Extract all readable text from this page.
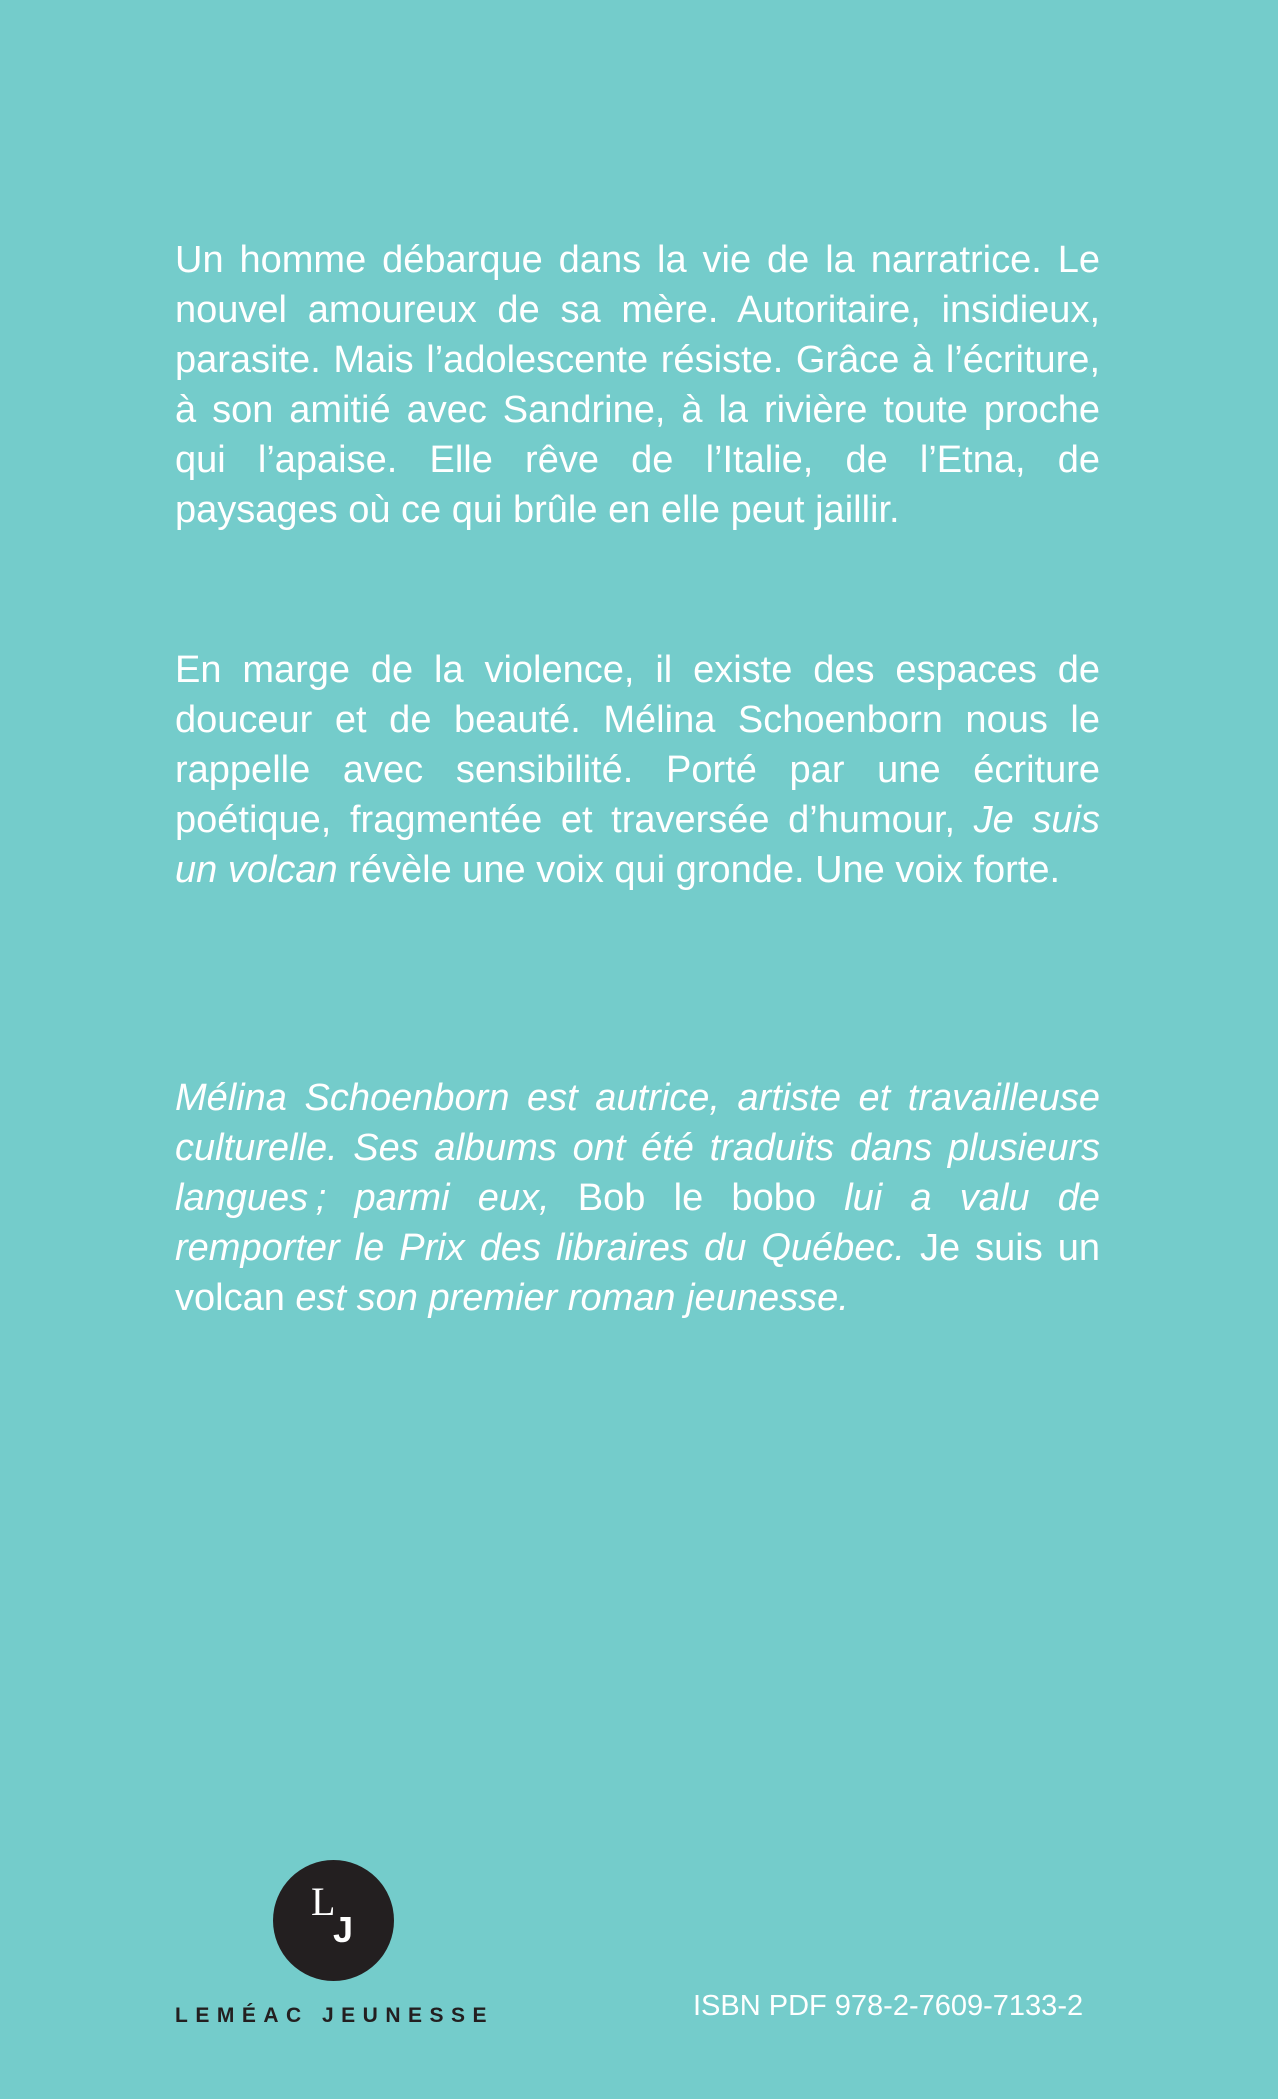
Un homme débarque dans la vie de la narratrice. Le nouvel amoureux de sa mère. Autoritaire, insidieux, parasite. Mais l’adolescente résiste. Grâce à l’écriture, à son amitié avec Sandrine, à la rivière toute proche qui l’apaise. Elle rêve de l’Italie, de l’Etna, de paysages où ce qui brûle en elle peut jaillir.

En marge de la violence, il existe des espaces de douceur et de beauté. Mélina Schoenborn nous le rappelle avec sensibilité. Porté par une écriture poétique, fragmentée et traversée d’humour, Je suis un volcan révèle une voix qui gronde. Une voix forte.

Mélina Schoenborn est autrice, artiste et travailleuse culturelle. Ses albums ont été traduits dans plusieurs langues ; parmi eux, Bob le bobo lui a valu de remporter le Prix des libraires du Québec. Je suis un volcan est son premier roman jeunesse.

L
J
LEMÉAC JEUNESSE	ISBN PDF 978-2-7609-7133-2
